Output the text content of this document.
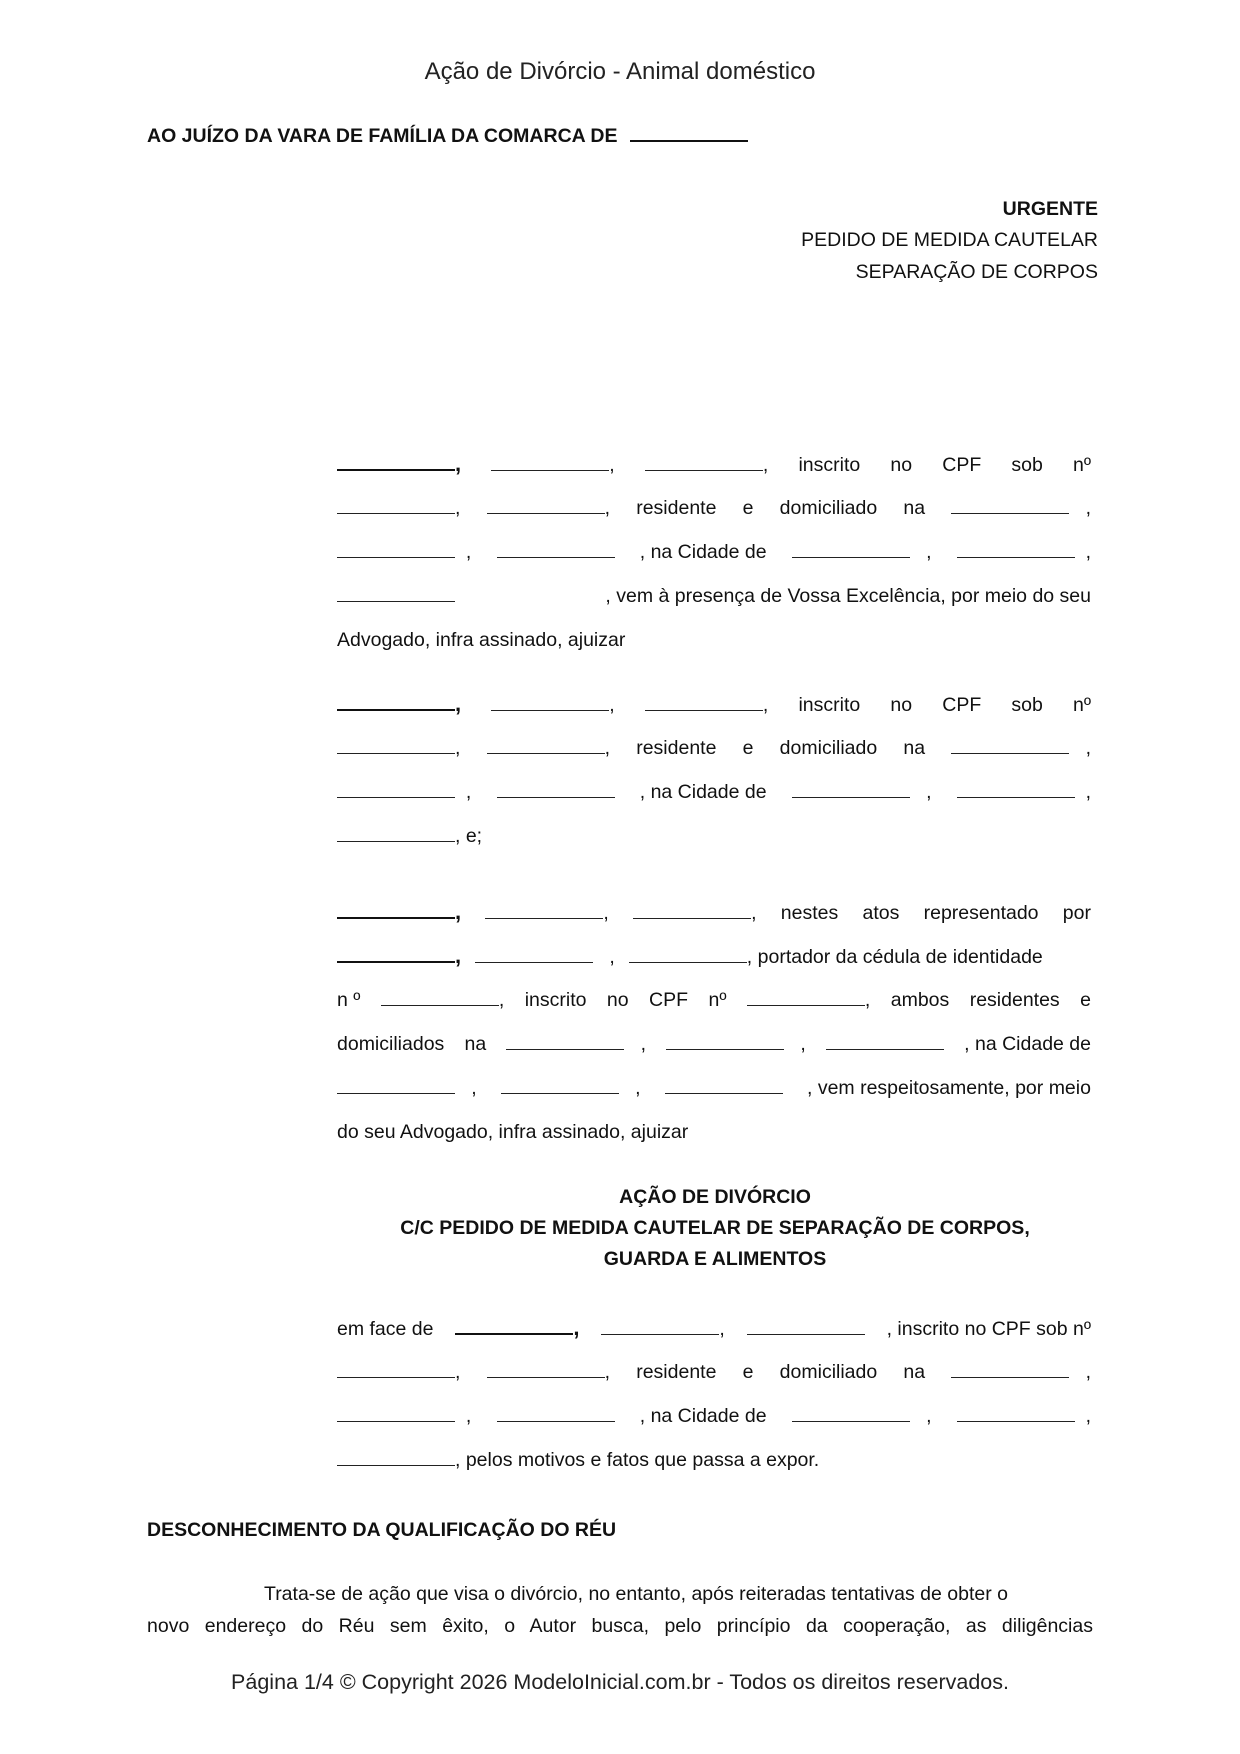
Ação de Divórcio - Animal doméstico
AO JUÍZO DA VARA DE FAMÍLIA DA COMARCA DE
URGENTE
PEDIDO DE MEDIDA CAUTELAR
SEPARAÇÃO DE CORPOS
,	,	, inscrito no CPF sob nº
,	, residente e domiciliado na	,
,	, na Cidade de	,	,
, vem à presença de Vossa Excelência, por meio do seu
Advogado, infra assinado, ajuizar
,	,	, inscrito no CPF sob nº
,	, residente e domiciliado na	,
,	, na Cidade de	,	,
, e;
,	,	, nestes atos representado por
,	,	, portador da cédula de identidade
n º	, inscrito no CPF nº	, ambos residentes e
domiciliados na	,	,	, na Cidade de
,	,	, vem respeitosamente, por meio
do seu Advogado, infra assinado, ajuizar
AÇÃO DE DIVÓRCIO
C/C PEDIDO DE MEDIDA CAUTELAR DE SEPARAÇÃO DE CORPOS,
GUARDA E ALIMENTOS
em face de	,	,	, inscrito no CPF sob nº
,	, residente e domiciliado na	,
,	, na Cidade de	,	,
, pelos motivos e fatos que passa a expor.
DESCONHECIMENTO DA QUALIFICAÇÃO DO RÉU
Trata-se de ação que visa o divórcio, no entanto, após reiteradas tentativas de obter o
novo endereço do Réu sem êxito, o Autor busca, pelo princípio da cooperação, as diligências
Página 1/4 © Copyright 2026 ModeloInicial.com.br - Todos os direitos reservados.
